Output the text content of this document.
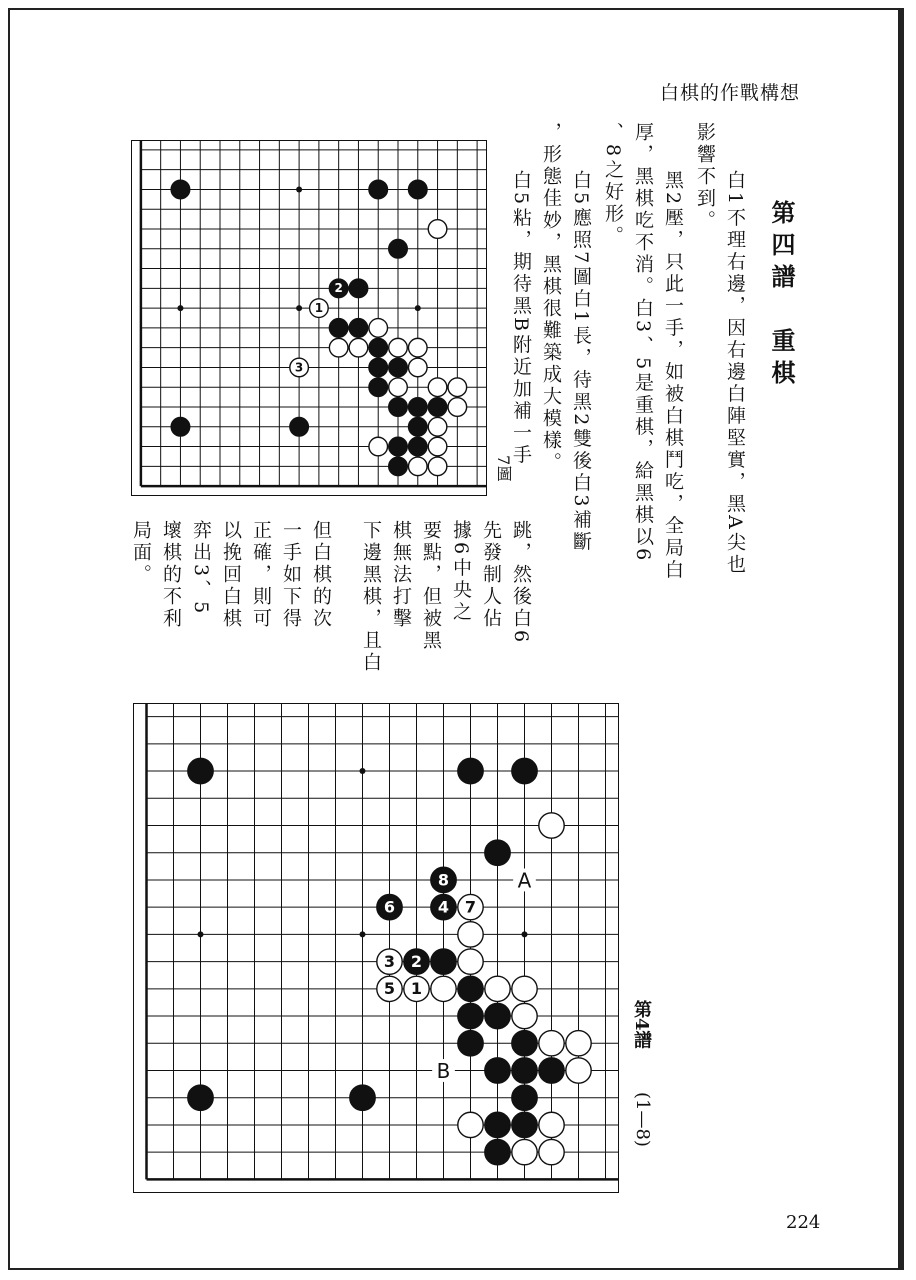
白棋的作戰構想
2
1
3
7圖
第四譜　重棋
白1不理右邊，因右邊白陣堅實，黑A尖也
影響不到。
黑2壓，只此一手，如被白棋鬥吃，全局白
厚，黑棋吃不消。白3、5是重棋，給黑棋以6
、8之好形。
白5應照7圖白1長，待黑2雙後白3補斷
，形態佳妙，黑棋很難築成大模樣。
白5粘，期待黑B附近加補一手
跳，然後白6
先發制人佔
據6中央之
要點，但被黑
棋無法打擊
下邊黑棋，且白
但白棋的次
一手如下得
正確，則可
以挽回白棋
弈出3、5
壞棋的不利
局面。
8
6	4 7
3 2
5 1
A
B
第4譜
(1—8)
224
